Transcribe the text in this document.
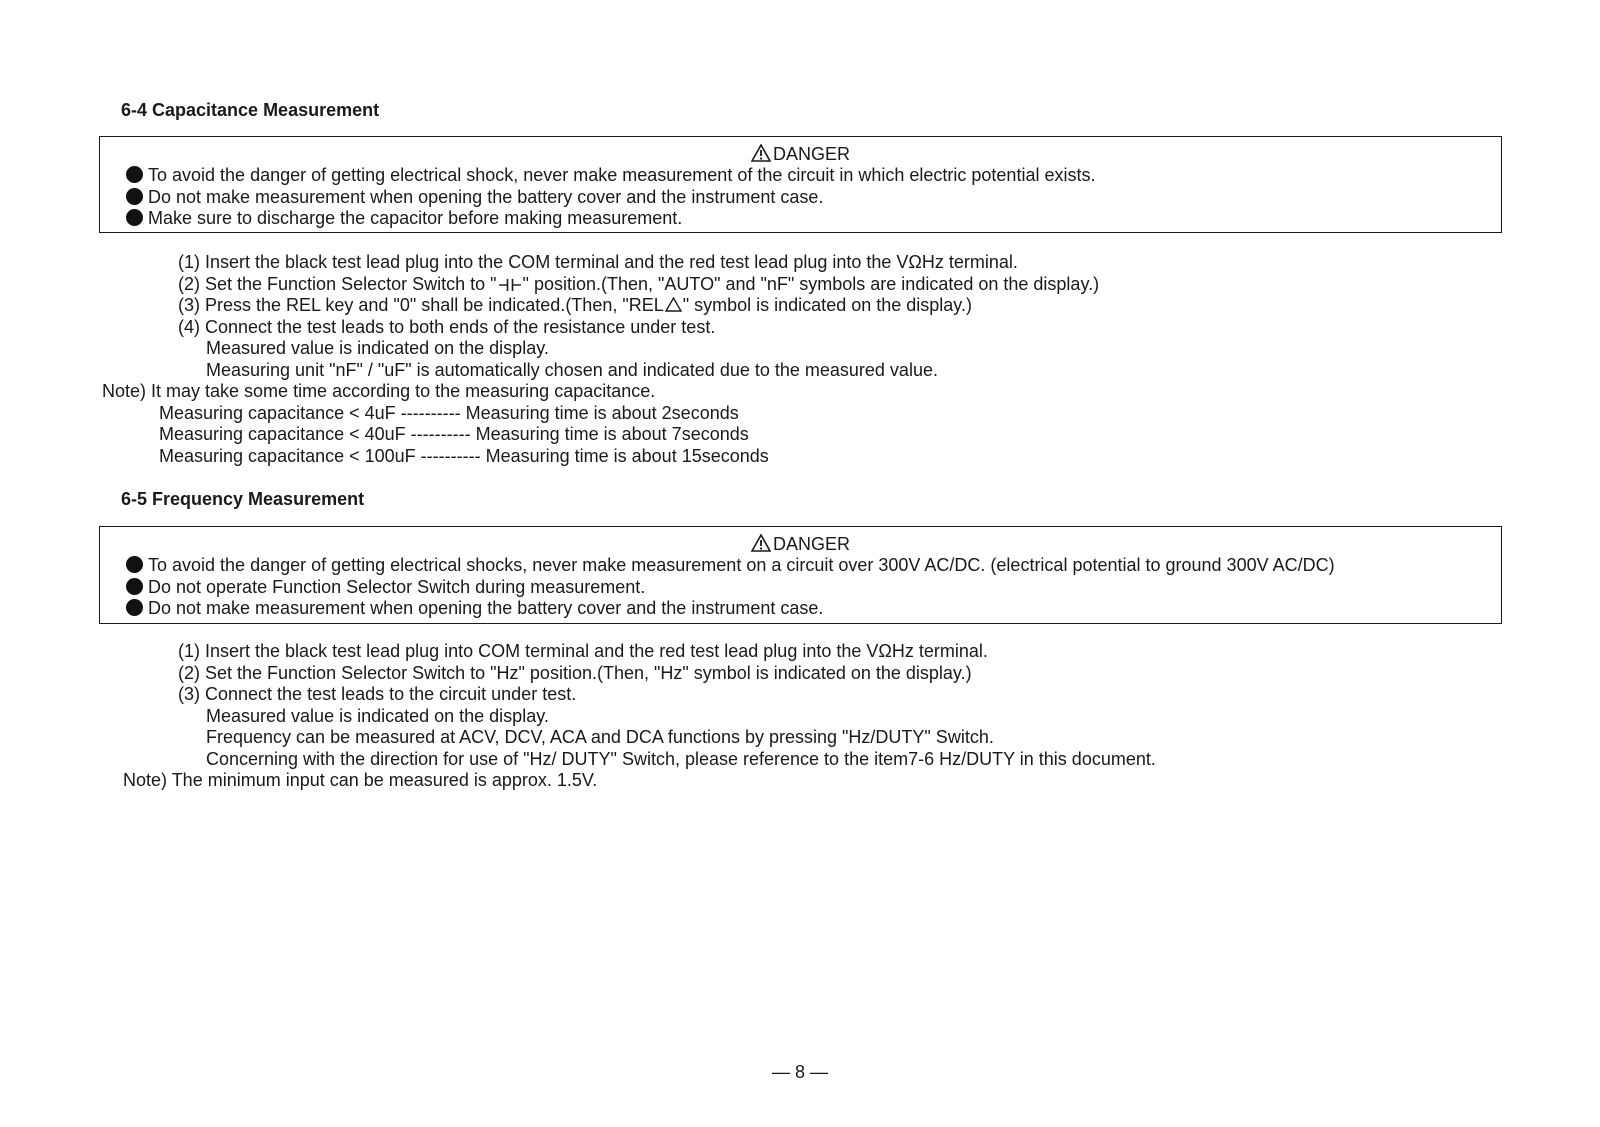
6-4 Capacitance Measurement
DANGER
To avoid the danger of getting electrical shock, never make measurement of the circuit in which electric potential exists.
Do not make measurement when opening the battery cover and the instrument case.
Make sure to discharge the capacitor before making measurement.
(1) Insert the black test lead plug into the COM terminal and the red test lead plug into the VΩHz terminal.
(2) Set the Function Selector Switch to " " position.(Then, "AUTO" and "nF" symbols are indicated on the display.)
(3) Press the REL key and "0" shall be indicated.(Then, "REL " symbol is indicated on the display.)
(4) Connect the test leads to both ends of the resistance under test.
Measured value is indicated on the display.
Measuring unit "nF" / "uF" is automatically chosen and indicated due to the measured value.
Note) It may take some time according to the measuring capacitance.
Measuring capacitance < 4uF ---------- Measuring time is about 2seconds
Measuring capacitance < 40uF ---------- Measuring time is about 7seconds
Measuring capacitance < 100uF ---------- Measuring time is about 15seconds
6-5 Frequency Measurement
DANGER
To avoid the danger of getting electrical shocks, never make measurement on a circuit over 300V AC/DC. (electrical potential to ground 300V AC/DC)
Do not operate Function Selector Switch during measurement.
Do not make measurement when opening the battery cover and the instrument case.
(1) Insert the black test lead plug into COM terminal and the red test lead plug into the VΩHz terminal.
(2) Set the Function Selector Switch to "Hz" position.(Then, "Hz" symbol is indicated on the display.)
(3) Connect the test leads to the circuit under test.
Measured value is indicated on the display.
Frequency can be measured at ACV, DCV, ACA and DCA functions by pressing "Hz/DUTY" Switch.
Concerning with the direction for use of "Hz/ DUTY" Switch, please reference to the item7-6 Hz/DUTY in this document.
Note) The minimum input can be measured is approx. 1.5V.
— 8 —
